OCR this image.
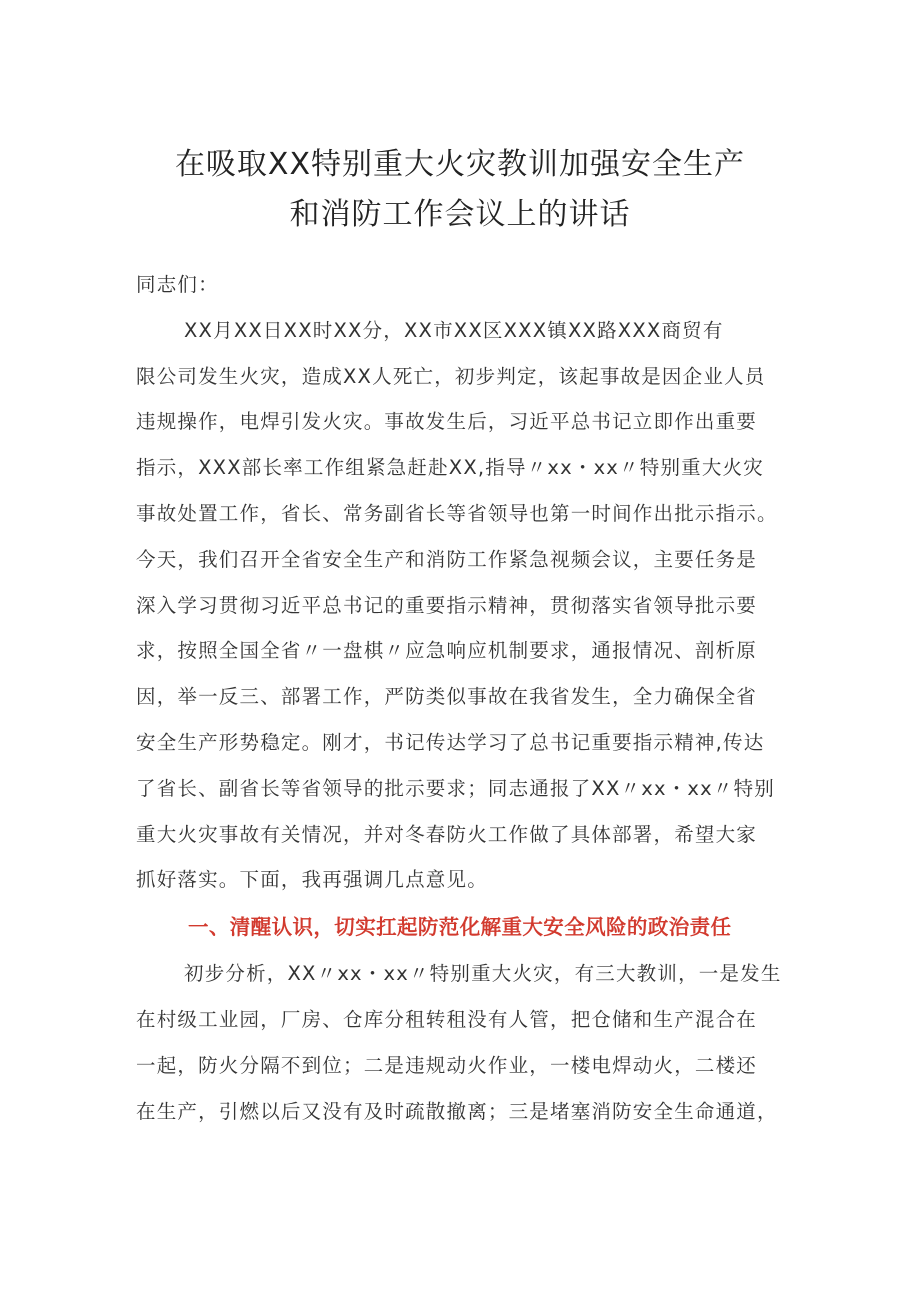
在吸取XX特别重大火灾教训加强安全生产
和消防工作会议上的讲话
同志们：
XX月XX日XX时XX分，XX市XX区XXX镇XX路XXX商贸有
限公司发生火灾，造成XX人死亡，初步判定，该起事故是因企业人员
违规操作，电焊引发火灾。事故发生后，习近平总书记立即作出重要
指示，XXX部长率工作组紧急赶赴XX,指导〃xx・xx〃特别重大火灾
事故处置工作，省长、常务副省长等省领导也第一时间作出批示指示。
今天，我们召开全省安全生产和消防工作紧急视频会议，主要任务是
深入学习贯彻习近平总书记的重要指示精神，贯彻落实省领导批示要
求，按照全国全省〃一盘棋〃应急响应机制要求，通报情况、剖析原
因，举一反三、部署工作，严防类似事故在我省发生，全力确保全省
安全生产形势稳定。刚才，书记传达学习了总书记重要指示精神,传达
了省长、副省长等省领导的批示要求；同志通报了XX〃xx・xx〃特别
重大火灾事故有关情况，并对冬春防火工作做了具体部署，希望大家
抓好落实。下面，我再强调几点意见。
一、清醒认识，切实扛起防范化解重大安全风险的政治责任
初步分析，XX〃xx・xx〃特别重大火灾，有三大教训，一是发生
在村级工业园，厂房、仓库分租转租没有人管，把仓储和生产混合在
一起，防火分隔不到位；二是违规动火作业，一楼电焊动火，二楼还
在生产，引燃以后又没有及时疏散撤离；三是堵塞消防安全生命通道，
